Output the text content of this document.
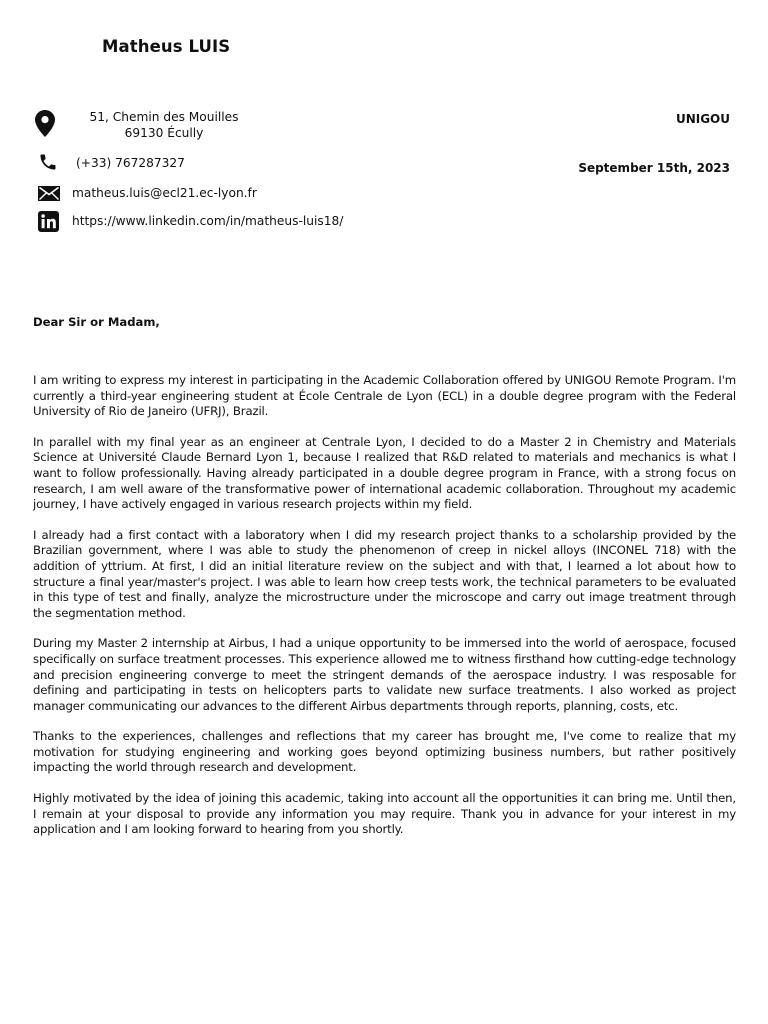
Matheus LUIS
51, Chemin des Mouilles
69130 Écully
(+33) 767287327
matheus.luis@ecl21.ec-lyon.fr
https://www.linkedin.com/in/matheus-luis18/
UNIGOU
September 15th, 2023
Dear Sir or Madam,

I am writing to express my interest in participating in the Academic Collaboration offered by UNIGOU Remote Program. I'm currently a third-year engineering student at École Centrale de Lyon (ECL) in a double degree program with the Federal University of Rio de Janeiro (UFRJ), Brazil.

In parallel with my final year as an engineer at Centrale Lyon, I decided to do a Master 2 in Chemistry and Materials Science at Université Claude Bernard Lyon 1, because I realized that R&D related to materials and mechanics is what I want to follow professionally. Having already participated in a double degree program in France, with a strong focus on research, I am well aware of the transformative power of international academic collaboration. Throughout my academic journey, I have actively engaged in various research projects within my field.

I already had a first contact with a laboratory when I did my research project thanks to a scholarship provided by the Brazilian government, where I was able to study the phenomenon of creep in nickel alloys (INCONEL 718) with the addition of yttrium. At first, I did an initial literature review on the subject and with that, I learned a lot about how to structure a final year/master's project. I was able to learn how creep tests work, the technical parameters to be evaluated in this type of test and finally, analyze the microstructure under the microscope and carry out image treatment through the segmentation method.

During my Master 2 internship at Airbus, I had a unique opportunity to be immersed into the world of aerospace, focused specifically on surface treatment processes. This experience allowed me to witness firsthand how cutting-edge technology and precision engineering converge to meet the stringent demands of the aerospace industry. I was resposable for defining and participating in tests on helicopters parts to validate new surface treatments. I also worked as project manager communicating our advances to the different Airbus departments through reports, planning, costs, etc.

Thanks to the experiences, challenges and reflections that my career has brought me, I've come to realize that my motivation for studying engineering and working goes beyond optimizing business numbers, but rather positively impacting the world through research and development.

Highly motivated by the idea of joining this academic, taking into account all the opportunities it can bring me. Until then, I remain at your disposal to provide any information you may require. Thank you in advance for your interest in my application and I am looking forward to hearing from you shortly.
